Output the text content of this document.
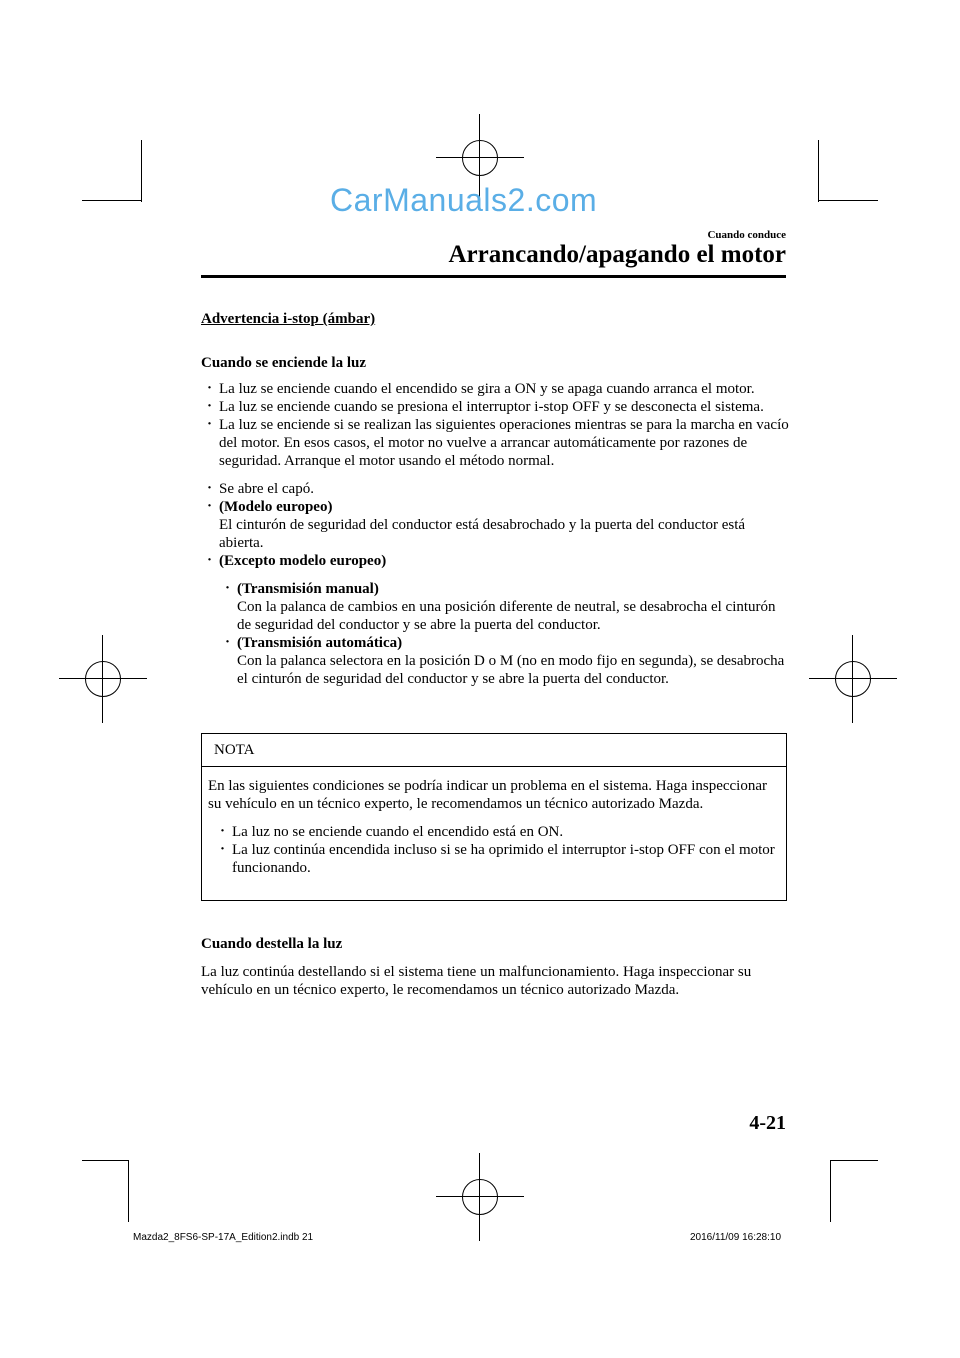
CarManuals2.com
Cuando conduce
Arrancando/apagando el motor
Advertencia i-stop (ámbar)
Cuando se enciende la luz
· La luz se enciende cuando el encendido se gira a ON y se apaga cuando arranca el motor.
· La luz se enciende cuando se presiona el interruptor i-stop OFF y se desconecta el sistema.
· La luz se enciende si se realizan las siguientes operaciones mientras se para la marcha en vacío del motor. En esos casos, el motor no vuelve a arrancar automáticamente por razones de seguridad. Arranque el motor usando el método normal.
· Se abre el capó.
· (Modelo europeo)
El cinturón de seguridad del conductor está desabrochado y la puerta del conductor está abierta.
· (Excepto modelo europeo)
· (Transmisión manual)
Con la palanca de cambios en una posición diferente de neutral, se desabrocha el cinturón de seguridad del conductor y se abre la puerta del conductor.
· (Transmisión automática)
Con la palanca selectora en la posición D o M (no en modo fijo en segunda), se desabrocha el cinturón de seguridad del conductor y se abre la puerta del conductor.
NOTA
En las siguientes condiciones se podría indicar un problema en el sistema. Haga inspeccionar su vehículo en un técnico experto, le recomendamos un técnico autorizado Mazda.
· La luz no se enciende cuando el encendido está en ON.
· La luz continúa encendida incluso si se ha oprimido el interruptor i-stop OFF con el motor funcionando.
Cuando destella la luz
La luz continúa destellando si el sistema tiene un malfuncionamiento. Haga inspeccionar su vehículo en un técnico experto, le recomendamos un técnico autorizado Mazda.
4-21
Mazda2_8FS6-SP-17A_Edition2.indb 21	2016/11/09 16:28:10
